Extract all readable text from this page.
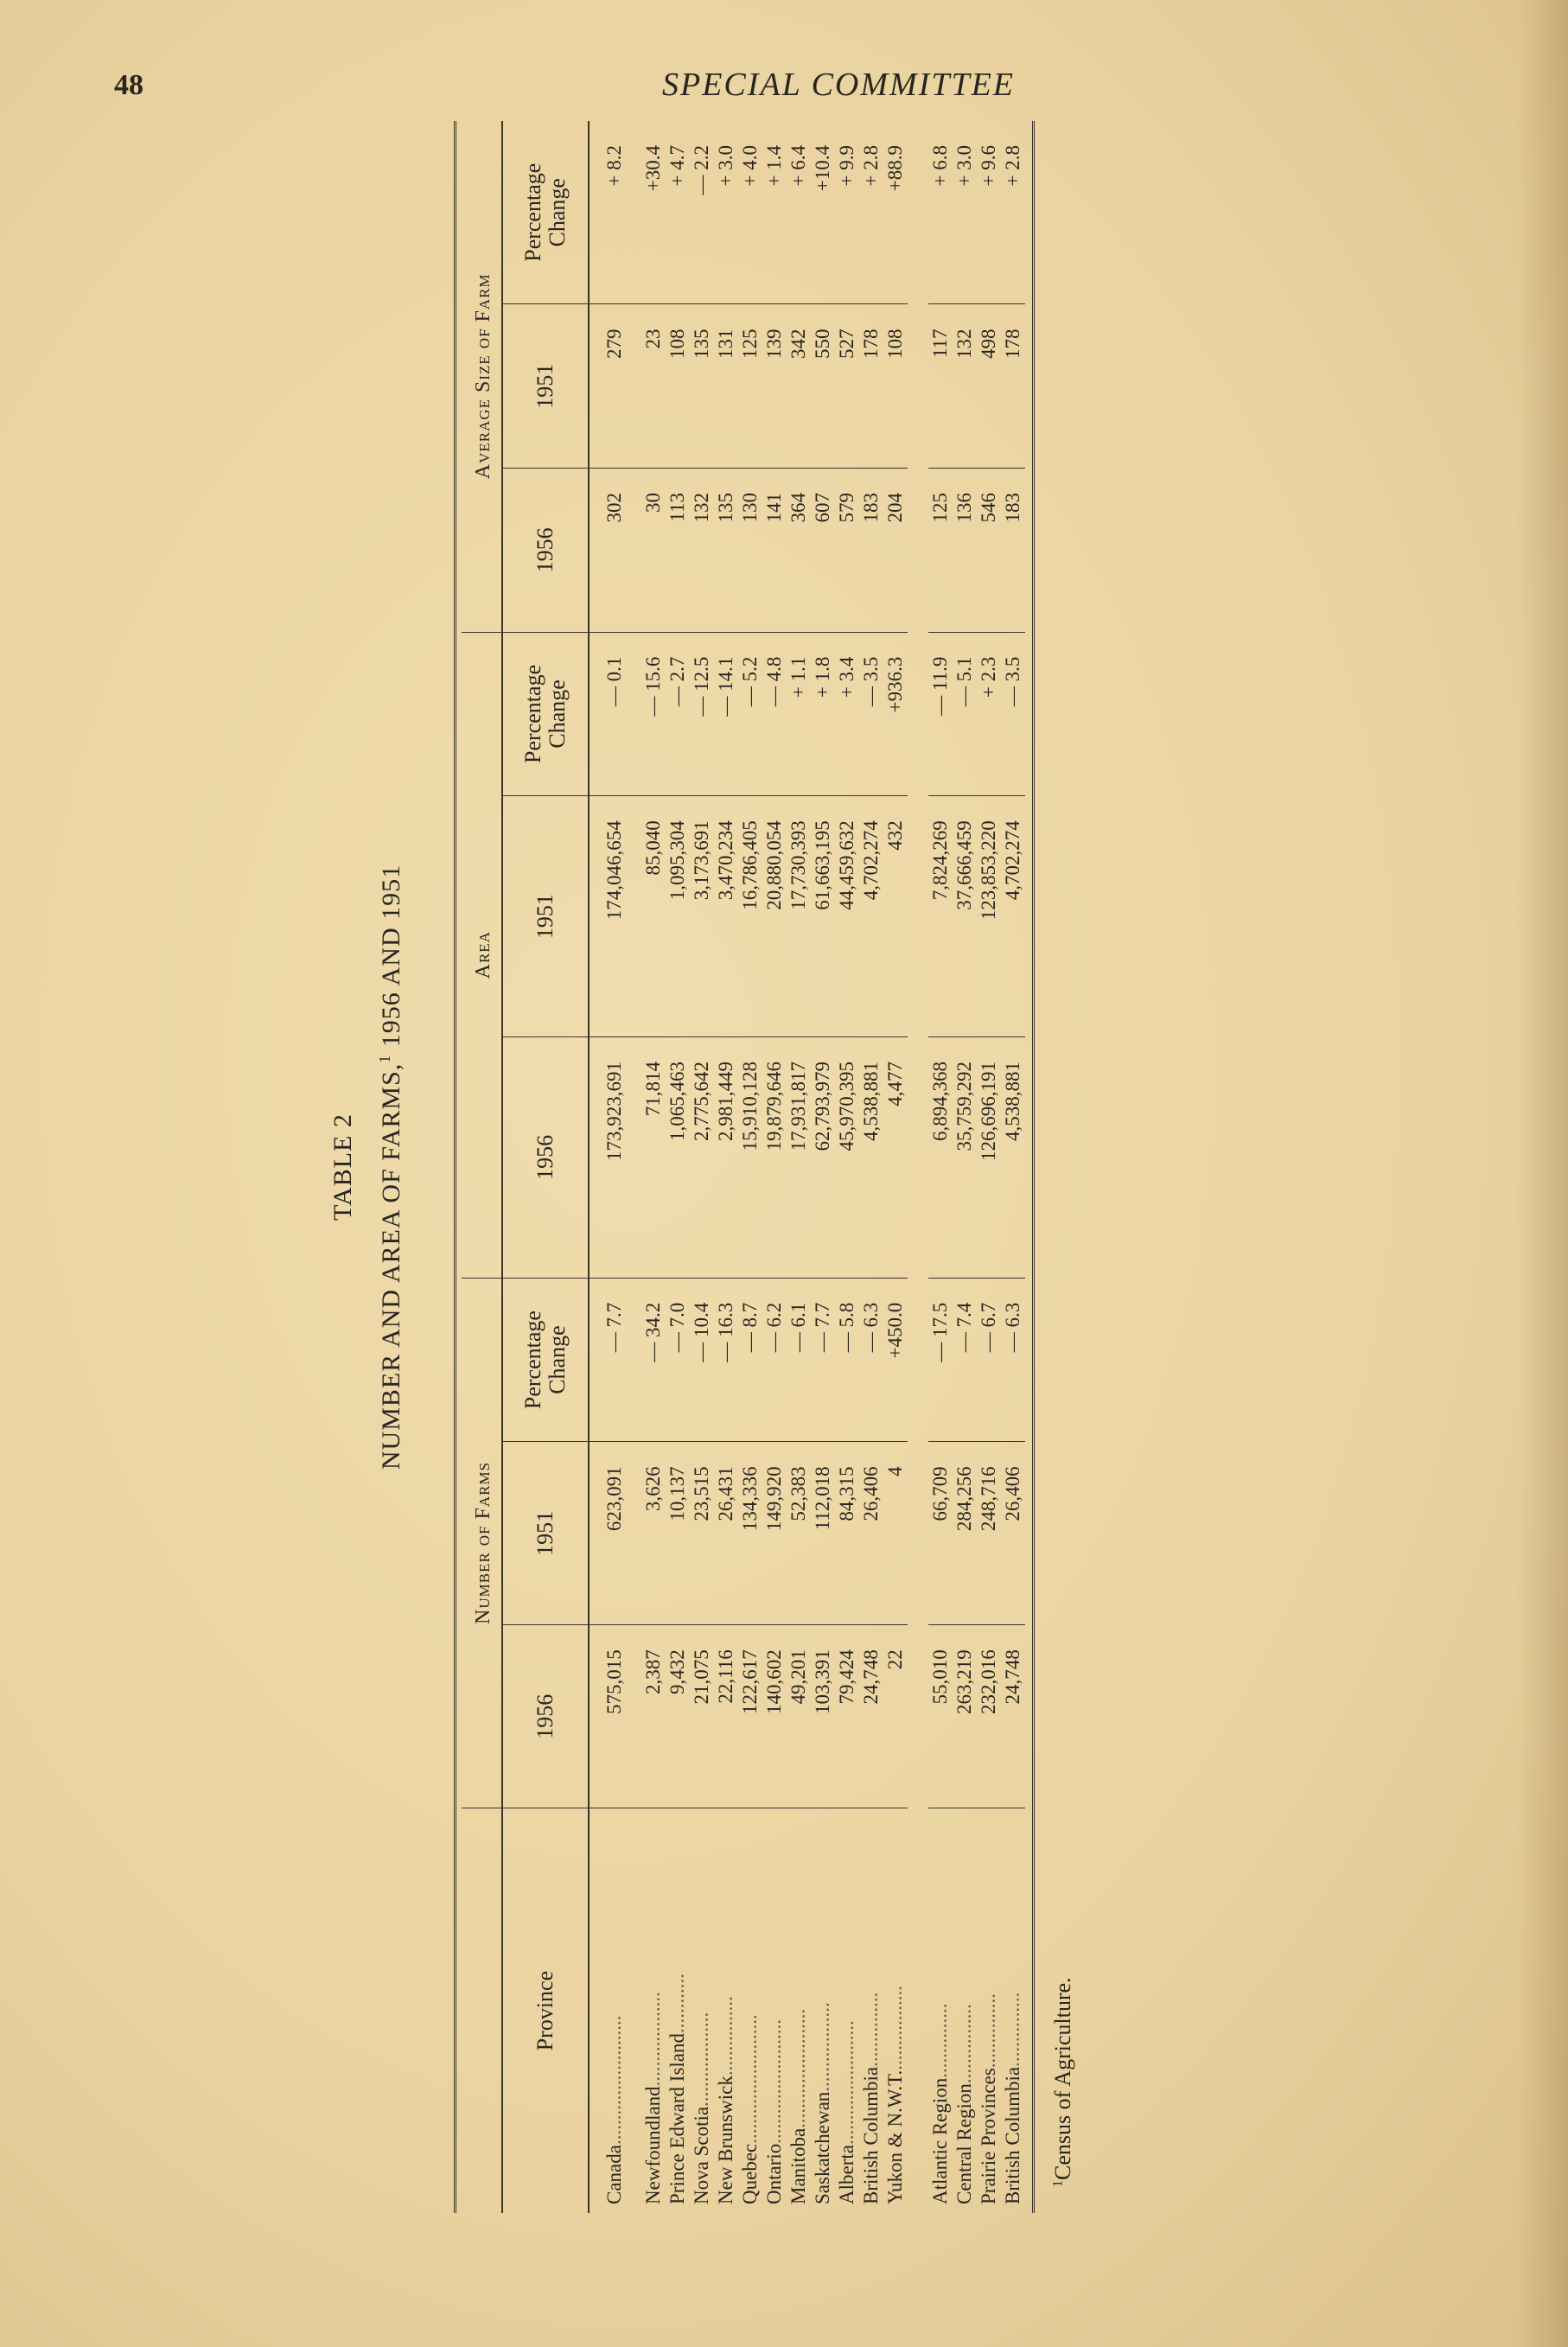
48	SPECIAL COMMITTEE
TABLE 2 NUMBER AND AREA OF FARMS,$^1$ 1956 AND 1951

	Number of Farms			Area			Average Size of Farm		
Province	1956	1951	Percentage Change	1956	1951	Percentage Change	1956	1951	Percentage Change
Canada..........................	575,015	623,091	— 7.7	173,923,691	174,046,654	— 0.1	302	279	+ 8.2
Newfoundland...................	2,387	3,626	— 34.2	71,814	85,040	— 15.6	30	23	+30.4
Prince Edward Island............	9,432	10,137	— 7.0	1,065,463	1,095,304	— 2.7	113	108	+ 4.7
Nova Scotia...................	21,075	23,515	— 10.4	2,775,642	3,173,691	— 12.5	132	135	— 2.2
New Brunswick................	22,116	26,431	— 16.3	2,981,449	3,470,234	— 14.1	135	131	+ 3.0
Quebec..........................	122,617	134,336	— 8.7	15,910,128	16,786,405	— 5.2	130	125	+ 4.0
Ontario.........................	140,602	149,920	— 6.2	19,879,646	20,880,054	— 4.8	141	139	+ 1.4
Manitoba........................	49,201	52,383	— 6.1	17,931,817	17,730,393	+ 1.1	364	342	+ 6.4
Saskatchewan..................	103,391	112,018	— 7.7	62,793,979	61,663,195	+ 1.8	607	550	+10.4
Alberta.........................	79,424	84,315	— 5.8	45,970,395	44,459,632	+ 3.4	579	527	+ 9.9
British Columbia...............	24,748	26,406	— 6.3	4,538,881	4,702,274	— 3.5	183	178	+ 2.8
Yukon & N.W.T..................	22	4	+450.0	4,477	432	+936.3	204	108	+88.9

Atlantic Region...............	55,010	66,709	— 17.5	6,894,368	7,824,269	— 11.9	125	117	+ 6.8
Central Region................	263,219	284,256	— 7.4	35,759,292	37,666,459	— 5.1	136	132	+ 3.0
Prairie Provinces...............	232,016	248,716	— 6.7	126,696,191	123,853,220	+ 2.3	546	498	+ 9.6
British Columbia...............	24,748	26,406	— 6.3	4,538,881	4,702,274	— 3.5	183	178	+ 2.8

$^1$Census of Agriculture.
